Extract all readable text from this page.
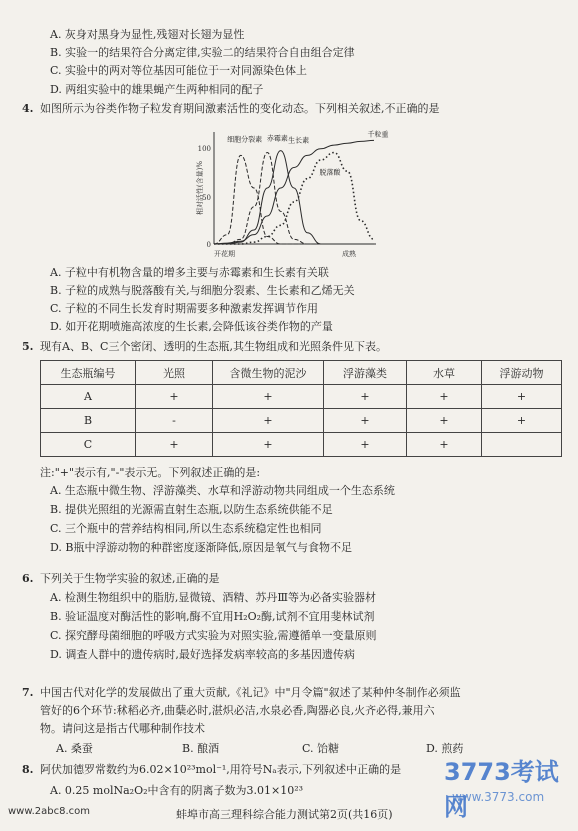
A. 灰身对黑身为显性,残翅对长翅为显性
B. 实验一的结果符合分离定律,实验二的结果符合自由组合定律
C. 实验中的两对等位基因可能位于一对同源染色体上
D. 两组实验中的雄果蝇产生两种相同的配子
4. 如图所示为谷类作物子粒发育期间激素活性的变化动态。下列相关叙述,不正确的是
相对活性(含量)%
100
50
0
开花期	成熟
细胞分裂素 赤霉素 生长素
千粒重
脱落酸
A. 子粒中有机物含量的增多主要与赤霉素和生长素有关联
B. 子粒的成熟与脱落酸有关,与细胞分裂素、生长素和乙烯无关
C. 子粒的不同生长发育时期需要多种激素发挥调节作用
D. 如开花期喷施高浓度的生长素,会降低该谷类作物的产量
5. 现有A、B、C三个密闭、透明的生态瓶,其生物组成和光照条件见下表。
生态瓶编号	光照	含微生物的泥沙	浮游藻类	水草	浮游动物
A	+	+	+	+	+
B	-	+	+	+	+
C	+	+	+	+	
注:"+"表示有,"-"表示无。下列叙述正确的是:
A. 生态瓶中微生物、浮游藻类、水草和浮游动物共同组成一个生态系统
B. 提供光照组的光源需直射生态瓶,以防生态系统供能不足
C. 三个瓶中的营养结构相同,所以生态系统稳定性也相同
D. B瓶中浮游动物的种群密度逐渐降低,原因是氧气与食物不足
6. 下列关于生物学实验的叙述,正确的是
A. 检测生物组织中的脂肪,显微镜、酒精、苏丹Ⅲ等为必备实验器材
B. 验证温度对酶活性的影响,酶不宜用H₂O₂酶,试剂不宜用斐林试剂
C. 探究酵母菌细胞的呼吸方式实验为对照实验,需遵循单一变量原则
D. 调查人群中的遗传病时,最好选择发病率较高的多基因遗传病
7. 中国古代对化学的发展做出了重大贡献,《礼记》中"月令篇"叙述了某种仲冬制作必须监
管好的6个环节:秫稻必齐,曲蘖必时,湛炽必洁,水泉必香,陶器必良,火齐必得,兼用六
物。请问这是指古代哪种制作技术
A. 桑蚕	B. 酿酒	C. 饴糖	D. 煎药
8. 阿伏加德罗常数约为6.02×10²³mol⁻¹,用符号Nₐ表示,下列叙述中正确的是
A. 0.25 molNa₂O₂中含有的阴离子数为3.01×10²³
www.2abc8.com	蚌埠市高三理科综合能力测试第2页(共16页)
3773考试网
www.3773.com
